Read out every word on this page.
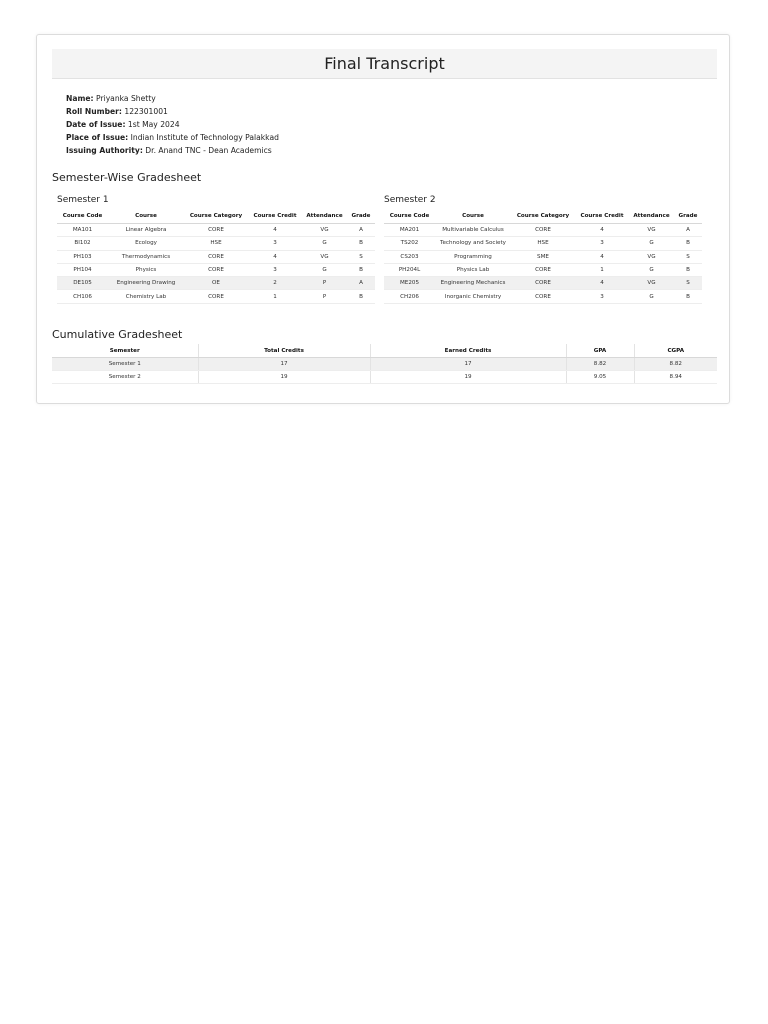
Final Transcript
Name: Priyanka Shetty
Roll Number: 122301001
Date of Issue: 1st May 2024
Place of Issue: Indian Institute of Technology Palakkad
Issuing Authority: Dr. Anand TNC - Dean Academics
Semester-Wise Gradesheet
Semester 1
Course Code	Course	Course Category	Course Credit	Attendance	Grade
MA101	Linear Algebra	CORE	4	VG	A
BI102	Ecology	HSE	3	G	B
PH103	Thermodynamics	CORE	4	VG	S
PH104	Physics	CORE	3	G	B
DE105	Engineering Drawing	OE	2	P	A
CH106	Chemistry Lab	CORE	1	P	B
Semester 2
Course Code	Course	Course Category	Course Credit	Attendance	Grade
MA201	Multivariable Calculus	CORE	4	VG	A
TS202	Technology and Society	HSE	3	G	B
CS203	Programming	SME	4	VG	S
PH204L	Physics Lab	CORE	1	G	B
ME205	Engineering Mechanics	CORE	4	VG	S
CH206	Inorganic Chemistry	CORE	3	G	B
Cumulative Gradesheet
Semester	Total Credits	Earned Credits	GPA	CGPA
Semester 1	17	17	8.82	8.82
Semester 2	19	19	9.05	8.94
